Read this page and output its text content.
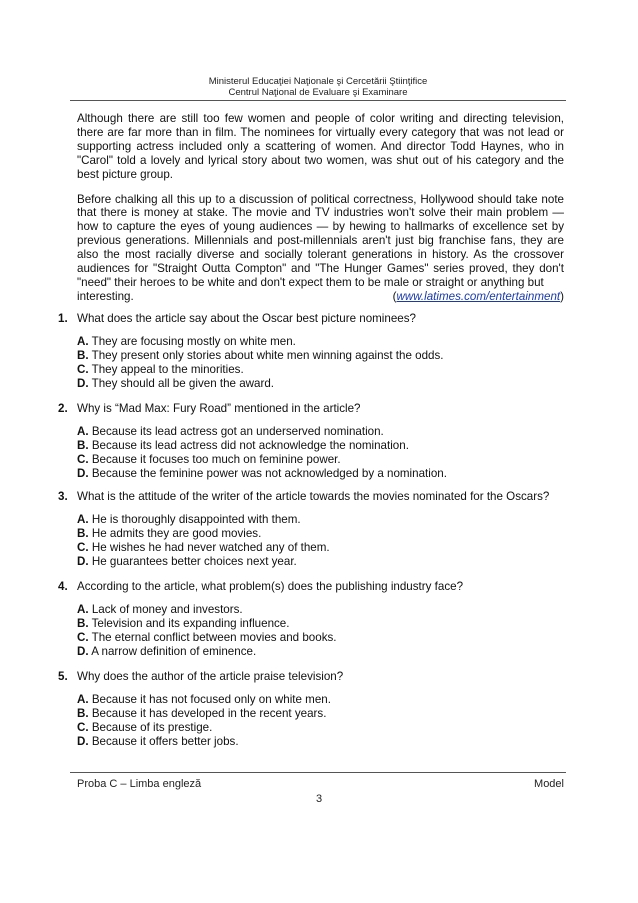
Ministerul Educaţiei Naţionale şi Cercetării Ştiinţifice
Centrul Naţional de Evaluare şi Examinare

Although there are still too few women and people of color writing and directing television, there are far more than in film. The nominees for virtually every category that was not lead or supporting actress included only a scattering of women. And director Todd Haynes, who in "Carol" told a lovely and lyrical story about two women, was shut out of his category and the best picture group.

Before chalking all this up to a discussion of political correctness, Hollywood should take note that there is money at stake. The movie and TV industries won't solve their main problem — how to capture the eyes of young audiences — by hewing to hallmarks of excellence set by previous generations. Millennials and post-millennials aren't just big franchise fans, they are also the most racially diverse and socially tolerant generations in history. As the crossover audiences for "Straight Outta Compton" and "The Hunger Games" series proved, they don't "need" their heroes to be white and don't expect them to be male or straight or anything but
interesting.	(www.latimes.com/entertainment)

1. What does the article say about the Oscar best picture nominees?
A. They are focusing mostly on white men.
B. They present only stories about white men winning against the odds.
C. They appeal to the minorities.
D. They should all be given the award.
2. Why is “Mad Max: Fury Road” mentioned in the article?
A. Because its lead actress got an underserved nomination.
B. Because its lead actress did not acknowledge the nomination.
C. Because it focuses too much on feminine power.
D. Because the feminine power was not acknowledged by a nomination.
3. What is the attitude of the writer of the article towards the movies nominated for the Oscars?
A. He is thoroughly disappointed with them.
B. He admits they are good movies.
C. He wishes he had never watched any of them.
D. He guarantees better choices next year.
4. According to the article, what problem(s) does the publishing industry face?
A. Lack of money and investors.
B. Television and its expanding influence.
C. The eternal conflict between movies and books.
D. A narrow definition of eminence.
5. Why does the author of the article praise television?
A. Because it has not focused only on white men.
B. Because it has developed in the recent years.
C. Because of its prestige.
D. Because it offers better jobs.
Proba C – Limba engleză	Model
3
